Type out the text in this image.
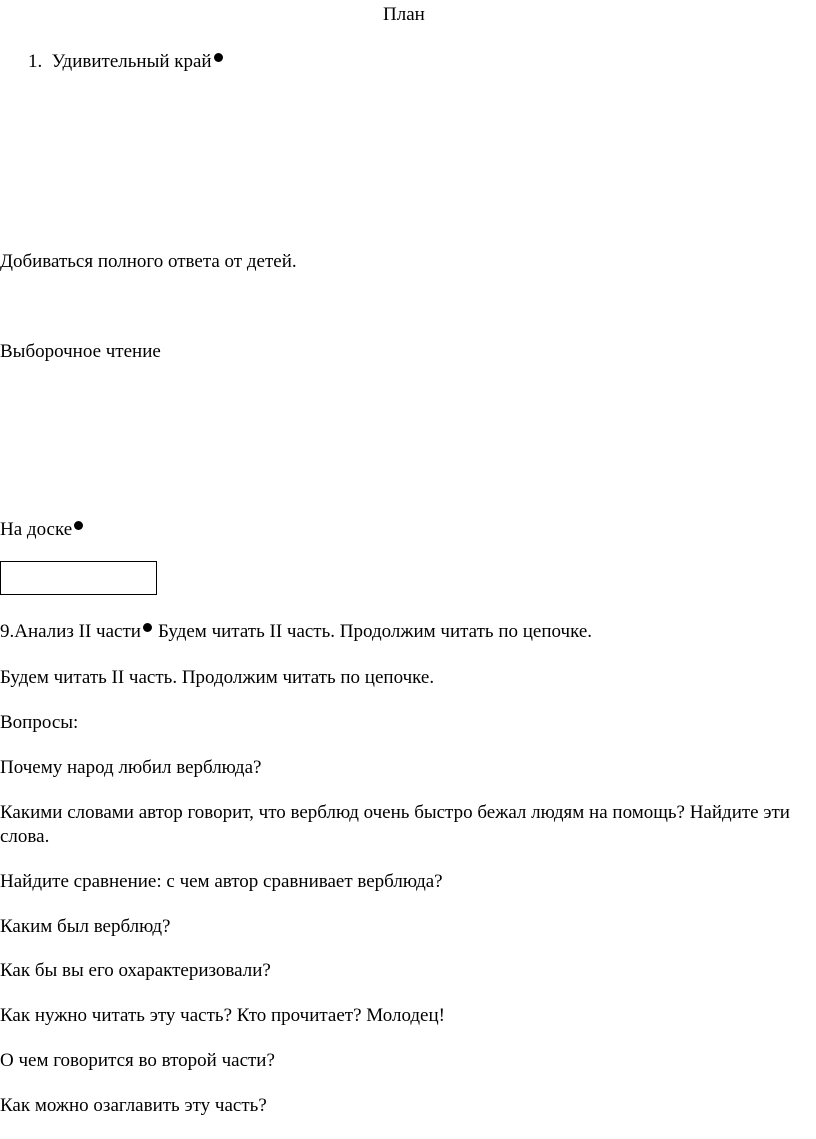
План

1. Удивительный край

Добиваться полного ответа от детей.

Выборочное чтение

На доске

9.Анализ II части Будем читать II часть. Продолжим читать по цепочке.

Будем читать II часть. Продолжим читать по цепочке.

Вопросы:

Почему народ любил верблюда?

Какими словами автор говорит, что верблюд очень быстро бежал людям на помощь? Найдите эти слова.

Найдите сравнение: с чем автор сравнивает верблюда?

Каким был верблюд?

Как бы вы его охарактеризовали?

Как нужно читать эту часть? Кто прочитает? Молодец!

О чем говорится во второй части?

Как можно озаглавить эту часть?
